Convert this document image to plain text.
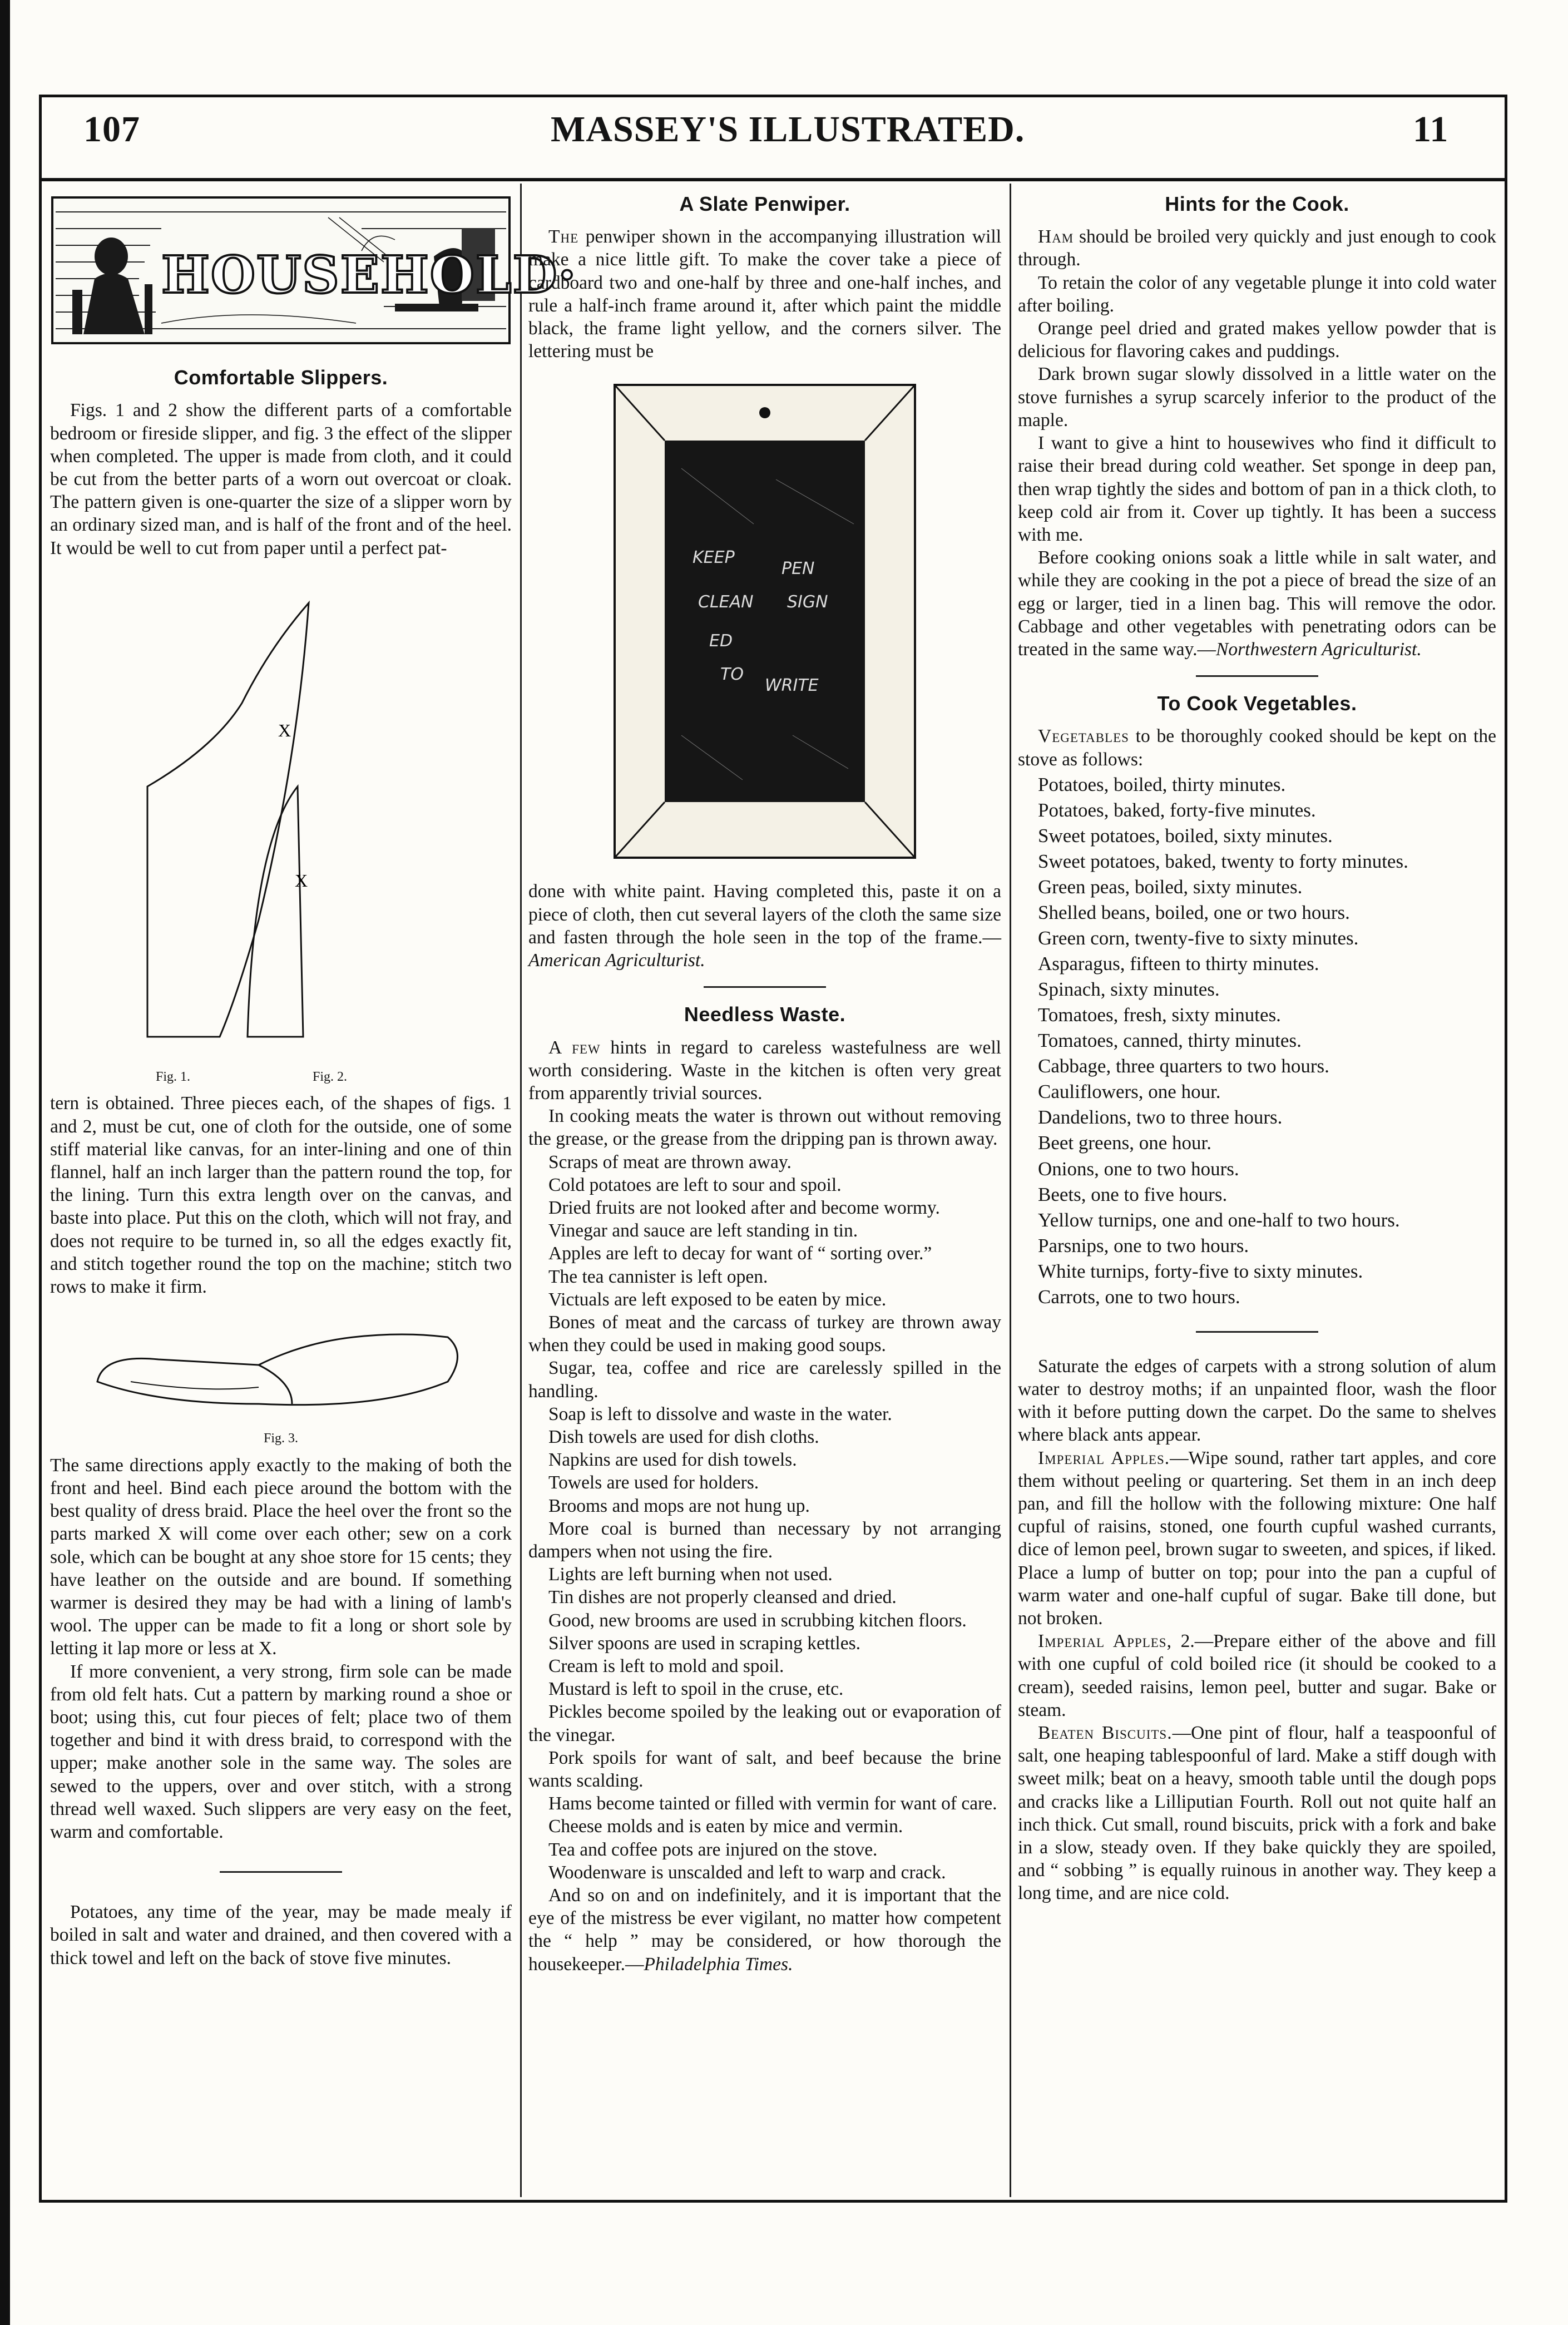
107	MASSEY'S ILLUSTRATED.	11
HOUSEHOLD·
Comfortable Slippers.

Figs. 1 and 2 show the different parts of a comfortable bedroom or fireside slipper, and fig. 3 the effect of the slipper when completed. The upper is made from cloth, and it could be cut from the better parts of a worn out overcoat or cloak. The pattern given is one-quarter the size of a slipper worn by an ordinary sized man, and is half of the front and of the heel. It would be well to cut from paper until a perfect pat-

X
X
Fig. 1.	Fig. 2.

tern is obtained. Three pieces each, of the shapes of figs. 1 and 2, must be cut, one of cloth for the outside, one of some stiff material like canvas, for an inter-lining and one of thin flannel, half an inch larger than the pattern round the top, for the lining. Turn this extra length over on the canvas, and baste into place. Put this on the cloth, which will not fray, and does not require to be turned in, so all the edges exactly fit, and stitch together round the top on the machine; stitch two rows to make it firm.

Fig. 3.

The same directions apply exactly to the making of both the front and heel. Bind each piece around the bottom with the best quality of dress braid. Place the heel over the front so the parts marked X will come over each other; sew on a cork sole, which can be bought at any shoe store for 15 cents; they have leather on the outside and are bound. If something warmer is desired they may be had with a lining of lamb's wool. The upper can be made to fit a long or short sole by letting it lap more or less at X.

If more convenient, a very strong, firm sole can be made from old felt hats. Cut a pattern by marking round a shoe or boot; using this, cut four pieces of felt; place two of them together and bind it with dress braid, to correspond with the upper; make another sole in the same way. The soles are sewed to the uppers, over and over stitch, with a strong thread well waxed. Such slippers are very easy on the feet, warm and comfortable.

Potatoes, any time of the year, may be made mealy if boiled in salt and water and drained, and then covered with a thick towel and left on the back of stove five minutes.

A Slate Penwiper.

The penwiper shown in the accompanying illustration will make a nice little gift. To make the cover take a piece of cardboard two and one-half by three and one-half inches, and rule a half-inch frame around it, after which paint the middle black, the frame light yellow, and the corners silver. The lettering must be

KEEP
PEN
CLEAN SIGN
ED
TO
WRITE

done with white paint. Having completed this, paste it on a piece of cloth, then cut several layers of the cloth the same size and fasten through the hole seen in the top of the frame.—American Agriculturist.

Needless Waste.

A few hints in regard to careless wastefulness are well worth considering. Waste in the kitchen is often very great from apparently trivial sources.

In cooking meats the water is thrown out without removing the grease, or the grease from the dripping pan is thrown away.

Scraps of meat are thrown away.

Cold potatoes are left to sour and spoil.

Dried fruits are not looked after and become wormy.

Vinegar and sauce are left standing in tin.

Apples are left to decay for want of “ sorting over.”

The tea cannister is left open.

Victuals are left exposed to be eaten by mice.

Bones of meat and the carcass of turkey are thrown away when they could be used in making good soups.

Sugar, tea, coffee and rice are carelessly spilled in the handling.

Soap is left to dissolve and waste in the water.

Dish towels are used for dish cloths.

Napkins are used for dish towels.

Towels are used for holders.

Brooms and mops are not hung up.

More coal is burned than necessary by not arranging dampers when not using the fire.

Lights are left burning when not used.

Tin dishes are not properly cleansed and dried.

Good, new brooms are used in scrubbing kitchen floors.

Silver spoons are used in scraping kettles.

Cream is left to mold and spoil.

Mustard is left to spoil in the cruse, etc.

Pickles become spoiled by the leaking out or evaporation of the vinegar.

Pork spoils for want of salt, and beef because the brine wants scalding.

Hams become tainted or filled with vermin for want of care.

Cheese molds and is eaten by mice and vermin.

Tea and coffee pots are injured on the stove.

Woodenware is unscalded and left to warp and crack.

And so on and on indefinitely, and it is important that the eye of the mistress be ever vigilant, no matter how competent the “ help ” may be considered, or how thorough the housekeeper.—Philadelphia Times.

Hints for the Cook.

Ham should be broiled very quickly and just enough to cook through.

To retain the color of any vegetable plunge it into cold water after boiling.

Orange peel dried and grated makes yellow powder that is delicious for flavoring cakes and puddings.

Dark brown sugar slowly dissolved in a little water on the stove furnishes a syrup scarcely inferior to the product of the maple.

I want to give a hint to housewives who find it difficult to raise their bread during cold weather. Set sponge in deep pan, then wrap tightly the sides and bottom of pan in a thick cloth, to keep cold air from it. Cover up tightly. It has been a success with me.

Before cooking onions soak a little while in salt water, and while they are cooking in the pot a piece of bread the size of an egg or larger, tied in a linen bag. This will remove the odor. Cabbage and other vegetables with penetrating odors can be treated in the same way.—Northwestern Agriculturist.

To Cook Vegetables.

Vegetables to be thoroughly cooked should be kept on the stove as follows:

Potatoes, boiled, thirty minutes.

Potatoes, baked, forty-five minutes.

Sweet potatoes, boiled, sixty minutes.

Sweet potatoes, baked, twenty to forty minutes.

Green peas, boiled, sixty minutes.

Shelled beans, boiled, one or two hours.

Green corn, twenty-five to sixty minutes.

Asparagus, fifteen to thirty minutes.

Spinach, sixty minutes.

Tomatoes, fresh, sixty minutes.

Tomatoes, canned, thirty minutes.

Cabbage, three quarters to two hours.

Cauliflowers, one hour.

Dandelions, two to three hours.

Beet greens, one hour.

Onions, one to two hours.

Beets, one to five hours.

Yellow turnips, one and one-half to two hours.

Parsnips, one to two hours.

White turnips, forty-five to sixty minutes.

Carrots, one to two hours.

Saturate the edges of carpets with a strong solution of alum water to destroy moths; if an unpainted floor, wash the floor with it before putting down the carpet. Do the same to shelves where black ants appear.

Imperial Apples.—Wipe sound, rather tart apples, and core them without peeling or quartering. Set them in an inch deep pan, and fill the hollow with the following mixture: One half cupful of raisins, stoned, one fourth cupful washed currants, dice of lemon peel, brown sugar to sweeten, and spices, if liked. Place a lump of butter on top; pour into the pan a cupful of warm water and one-half cupful of sugar. Bake till done, but not broken.

Imperial Apples, 2.—Prepare either of the above and fill with one cupful of cold boiled rice (it should be cooked to a cream), seeded raisins, lemon peel, butter and sugar. Bake or steam.

Beaten Biscuits.—One pint of flour, half a teaspoonful of salt, one heaping tablespoonful of lard. Make a stiff dough with sweet milk; beat on a heavy, smooth table until the dough pops and cracks like a Lilliputian Fourth. Roll out not quite half an inch thick. Cut small, round biscuits, prick with a fork and bake in a slow, steady oven. If they bake quickly they are spoiled, and “ sobbing ” is equally ruinous in another way. They keep a long time, and are nice cold.
